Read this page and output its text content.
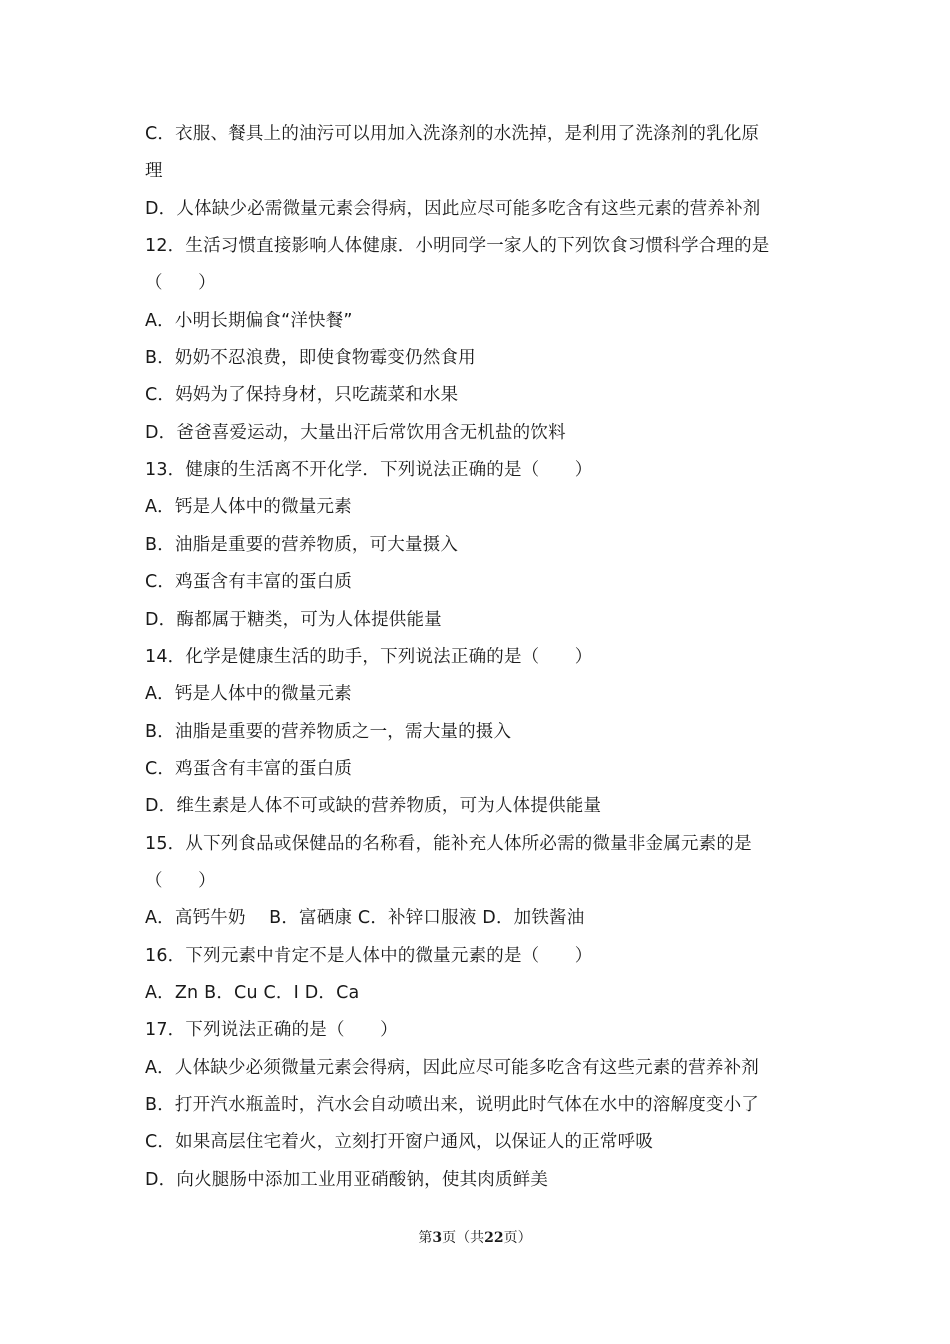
C．衣服、餐具上的油污可以用加入洗涤剂的水洗掉，是利用了洗涤剂的乳化原
理
D．人体缺少必需微量元素会得病，因此应尽可能多吃含有这些元素的营养补剂
12．生活习惯直接影响人体健康．小明同学一家人的下列饮食习惯科学合理的是
（　　）
A．小明长期偏食“洋快餐”
B．奶奶不忍浪费，即使食物霉变仍然食用
C．妈妈为了保持身材，只吃蔬菜和水果
D．爸爸喜爱运动，大量出汗后常饮用含无机盐的饮料
13．健康的生活离不开化学．下列说法正确的是（　　）
A．钙是人体中的微量元素
B．油脂是重要的营养物质，可大量摄入
C．鸡蛋含有丰富的蛋白质
D．酶都属于糖类，可为人体提供能量
14．化学是健康生活的助手，下列说法正确的是（　　）
A．钙是人体中的微量元素
B．油脂是重要的营养物质之一，需大量的摄入
C．鸡蛋含有丰富的蛋白质
D．维生素是人体不可或缺的营养物质，可为人体提供能量
15．从下列食品或保健品的名称看，能补充人体所必需的微量非金属元素的是
（　　）
A．高钙牛奶　 B．富硒康 C．补锌口服液 D．加铁酱油
16．下列元素中肯定不是人体中的微量元素的是（　　）
A．Zn B．Cu C．I D．Ca
17．下列说法正确的是（　　）
A．人体缺少必须微量元素会得病，因此应尽可能多吃含有这些元素的营养补剂
B．打开汽水瓶盖时，汽水会自动喷出来，说明此时气体在水中的溶解度变小了
C．如果高层住宅着火，立刻打开窗户通风，以保证人的正常呼吸
D．向火腿肠中添加工业用亚硝酸钠，使其肉质鲜美
第3页（共22页）
